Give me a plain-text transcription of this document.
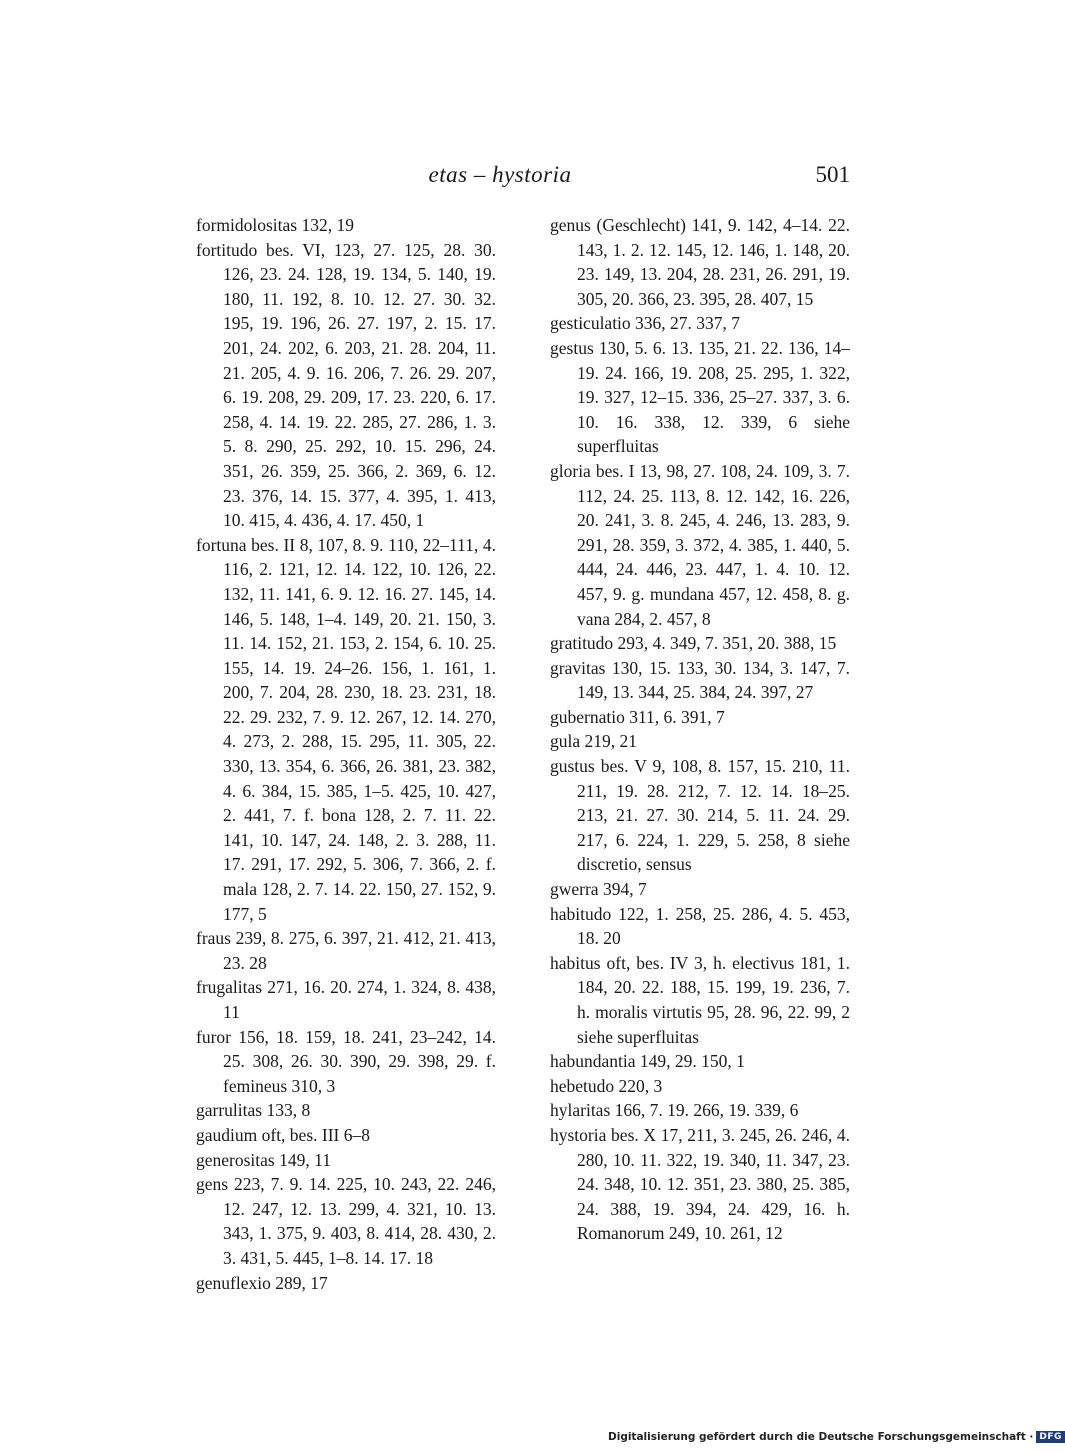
etas – hystoria	501
formidolositas 132, 19
fortitudo bes. VI, 123, 27. 125, 28. 30. 126, 23. 24. 128, 19. 134, 5. 140, 19. 180, 11. 192, 8. 10. 12. 27. 30. 32. 195, 19. 196, 26. 27. 197, 2. 15. 17. 201, 24. 202, 6. 203, 21. 28. 204, 11. 21. 205, 4. 9. 16. 206, 7. 26. 29. 207, 6. 19. 208, 29. 209, 17. 23. 220, 6. 17. 258, 4. 14. 19. 22. 285, 27. 286, 1. 3. 5. 8. 290, 25. 292, 10. 15. 296, 24. 351, 26. 359, 25. 366, 2. 369, 6. 12. 23. 376, 14. 15. 377, 4. 395, 1. 413, 10. 415, 4. 436, 4. 17. 450, 1
fortuna bes. II 8, 107, 8. 9. 110, 22–111, 4. 116, 2. 121, 12. 14. 122, 10. 126, 22. 132, 11. 141, 6. 9. 12. 16. 27. 145, 14. 146, 5. 148, 1–4. 149, 20. 21. 150, 3. 11. 14. 152, 21. 153, 2. 154, 6. 10. 25. 155, 14. 19. 24–26. 156, 1. 161, 1. 200, 7. 204, 28. 230, 18. 23. 231, 18. 22. 29. 232, 7. 9. 12. 267, 12. 14. 270, 4. 273, 2. 288, 15. 295, 11. 305, 22. 330, 13. 354, 6. 366, 26. 381, 23. 382, 4. 6. 384, 15. 385, 1–5. 425, 10. 427, 2. 441, 7. f. bona 128, 2. 7. 11. 22. 141, 10. 147, 24. 148, 2. 3. 288, 11. 17. 291, 17. 292, 5. 306, 7. 366, 2. f. mala 128, 2. 7. 14. 22. 150, 27. 152, 9. 177, 5
fraus 239, 8. 275, 6. 397, 21. 412, 21. 413, 23. 28
frugalitas 271, 16. 20. 274, 1. 324, 8. 438, 11
furor 156, 18. 159, 18. 241, 23–242, 14. 25. 308, 26. 30. 390, 29. 398, 29. f. femineus 310, 3
garrulitas 133, 8
gaudium oft, bes. III 6–8
generositas 149, 11
gens 223, 7. 9. 14. 225, 10. 243, 22. 246, 12. 247, 12. 13. 299, 4. 321, 10. 13. 343, 1. 375, 9. 403, 8. 414, 28. 430, 2. 3. 431, 5. 445, 1–8. 14. 17. 18
genuflexio 289, 17
genus (Geschlecht) 141, 9. 142, 4–14. 22. 143, 1. 2. 12. 145, 12. 146, 1. 148, 20. 23. 149, 13. 204, 28. 231, 26. 291, 19. 305, 20. 366, 23. 395, 28. 407, 15
gesticulatio 336, 27. 337, 7
gestus 130, 5. 6. 13. 135, 21. 22. 136, 14–19. 24. 166, 19. 208, 25. 295, 1. 322, 19. 327, 12–15. 336, 25–27. 337, 3. 6. 10. 16. 338, 12. 339, 6 siehe superfluitas
gloria bes. I 13, 98, 27. 108, 24. 109, 3. 7. 112, 24. 25. 113, 8. 12. 142, 16. 226, 20. 241, 3. 8. 245, 4. 246, 13. 283, 9. 291, 28. 359, 3. 372, 4. 385, 1. 440, 5. 444, 24. 446, 23. 447, 1. 4. 10. 12. 457, 9. g. mundana 457, 12. 458, 8. g. vana 284, 2. 457, 8
gratitudo 293, 4. 349, 7. 351, 20. 388, 15
gravitas 130, 15. 133, 30. 134, 3. 147, 7. 149, 13. 344, 25. 384, 24. 397, 27
gubernatio 311, 6. 391, 7
gula 219, 21
gustus bes. V 9, 108, 8. 157, 15. 210, 11. 211, 19. 28. 212, 7. 12. 14. 18–25. 213, 21. 27. 30. 214, 5. 11. 24. 29. 217, 6. 224, 1. 229, 5. 258, 8 siehe discretio, sensus
gwerra 394, 7
habitudo 122, 1. 258, 25. 286, 4. 5. 453, 18. 20
habitus oft, bes. IV 3, h. electivus 181, 1. 184, 20. 22. 188, 15. 199, 19. 236, 7. h. moralis virtutis 95, 28. 96, 22. 99, 2 siehe superfluitas
habundantia 149, 29. 150, 1
hebetudo 220, 3
hylaritas 166, 7. 19. 266, 19. 339, 6
hystoria bes. X 17, 211, 3. 245, 26. 246, 4. 280, 10. 11. 322, 19. 340, 11. 347, 23. 24. 348, 10. 12. 351, 23. 380, 25. 385, 24. 388, 19. 394, 24. 429, 16. h. Romanorum 249, 10. 261, 12
Digitalisierung gefördert durch die Deutsche Forschungsgemeinschaft · DFG
